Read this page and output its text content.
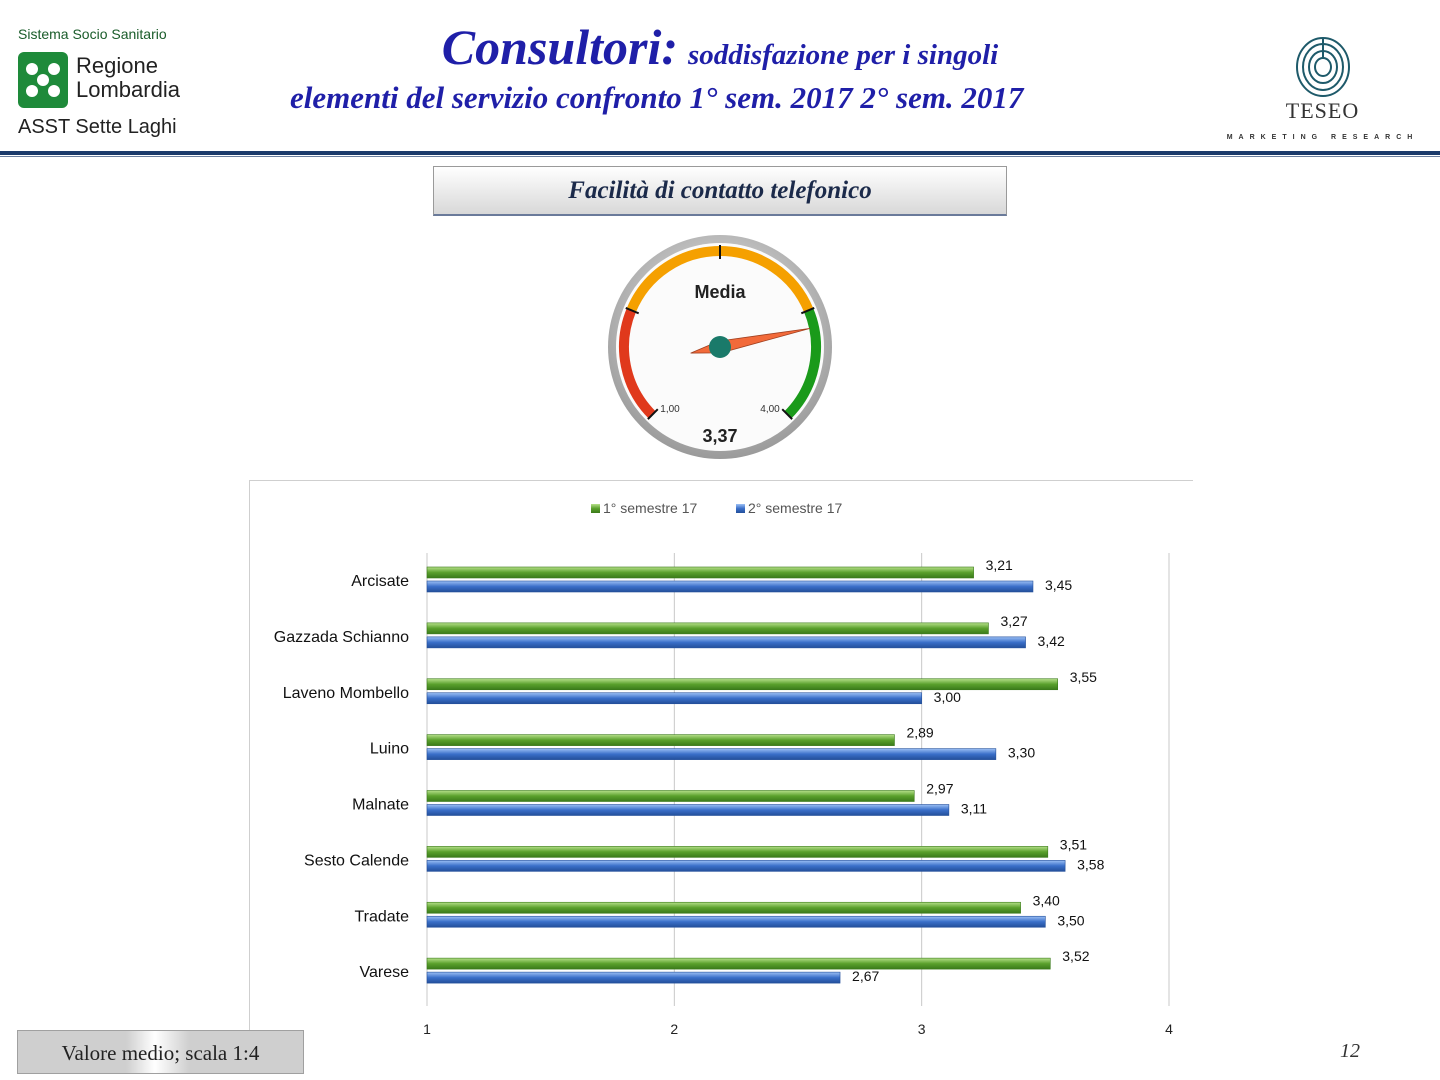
Sistema Socio Sanitario
Regione
Lombardia
ASST Sette Laghi
Consultori: soddisfazione per i singoli
elementi del servizio confronto 1° sem. 2017 2° sem. 2017	TESEO
MARKETING RESEARCH
Facilità di contatto telefonico
Media
1,00	4,00
3,37
1° semestre 17	2° semestre 17
1	2	3	4
Arcisate
3,21
3,45
Gazzada Schianno
3,27
3,42
Laveno Mombello
3,55
3,00
Luino
2,89
3,30
Malnate
2,97
3,11
Sesto Calende
3,51
3,58
Tradate
3,40
3,50
Varese
3,52
2,67
Valore medio; scala 1:4	12
